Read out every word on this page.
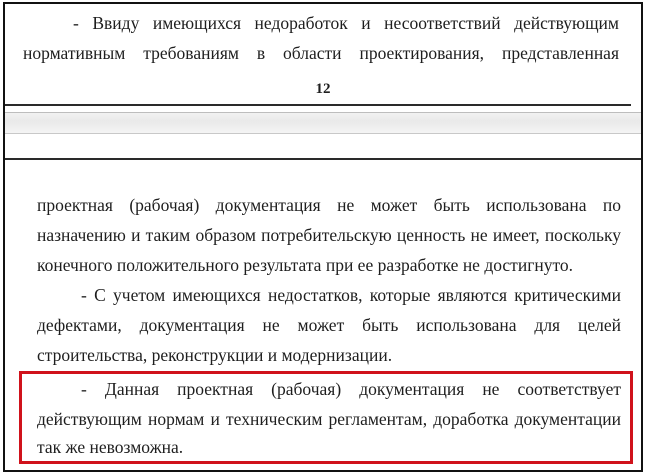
- Ввиду имеющихся недоработок и несоответствий действующим
нормативным требованиям в области проектирования, представленная
12
проектная (рабочая) документация не может быть использована по
назначению и таким образом потребительскую ценность не имеет, поскольку
конечного положительного результата при ее разработке не достигнуто.
- С учетом имеющихся недостатков, которые являются критическими
дефектами, документация не может быть использована для целей
строительства, реконструкции и модернизации.
- Данная проектная (рабочая) документация не соответствует
действующим нормам и техническим регламентам, доработка документации
так же невозможна.
